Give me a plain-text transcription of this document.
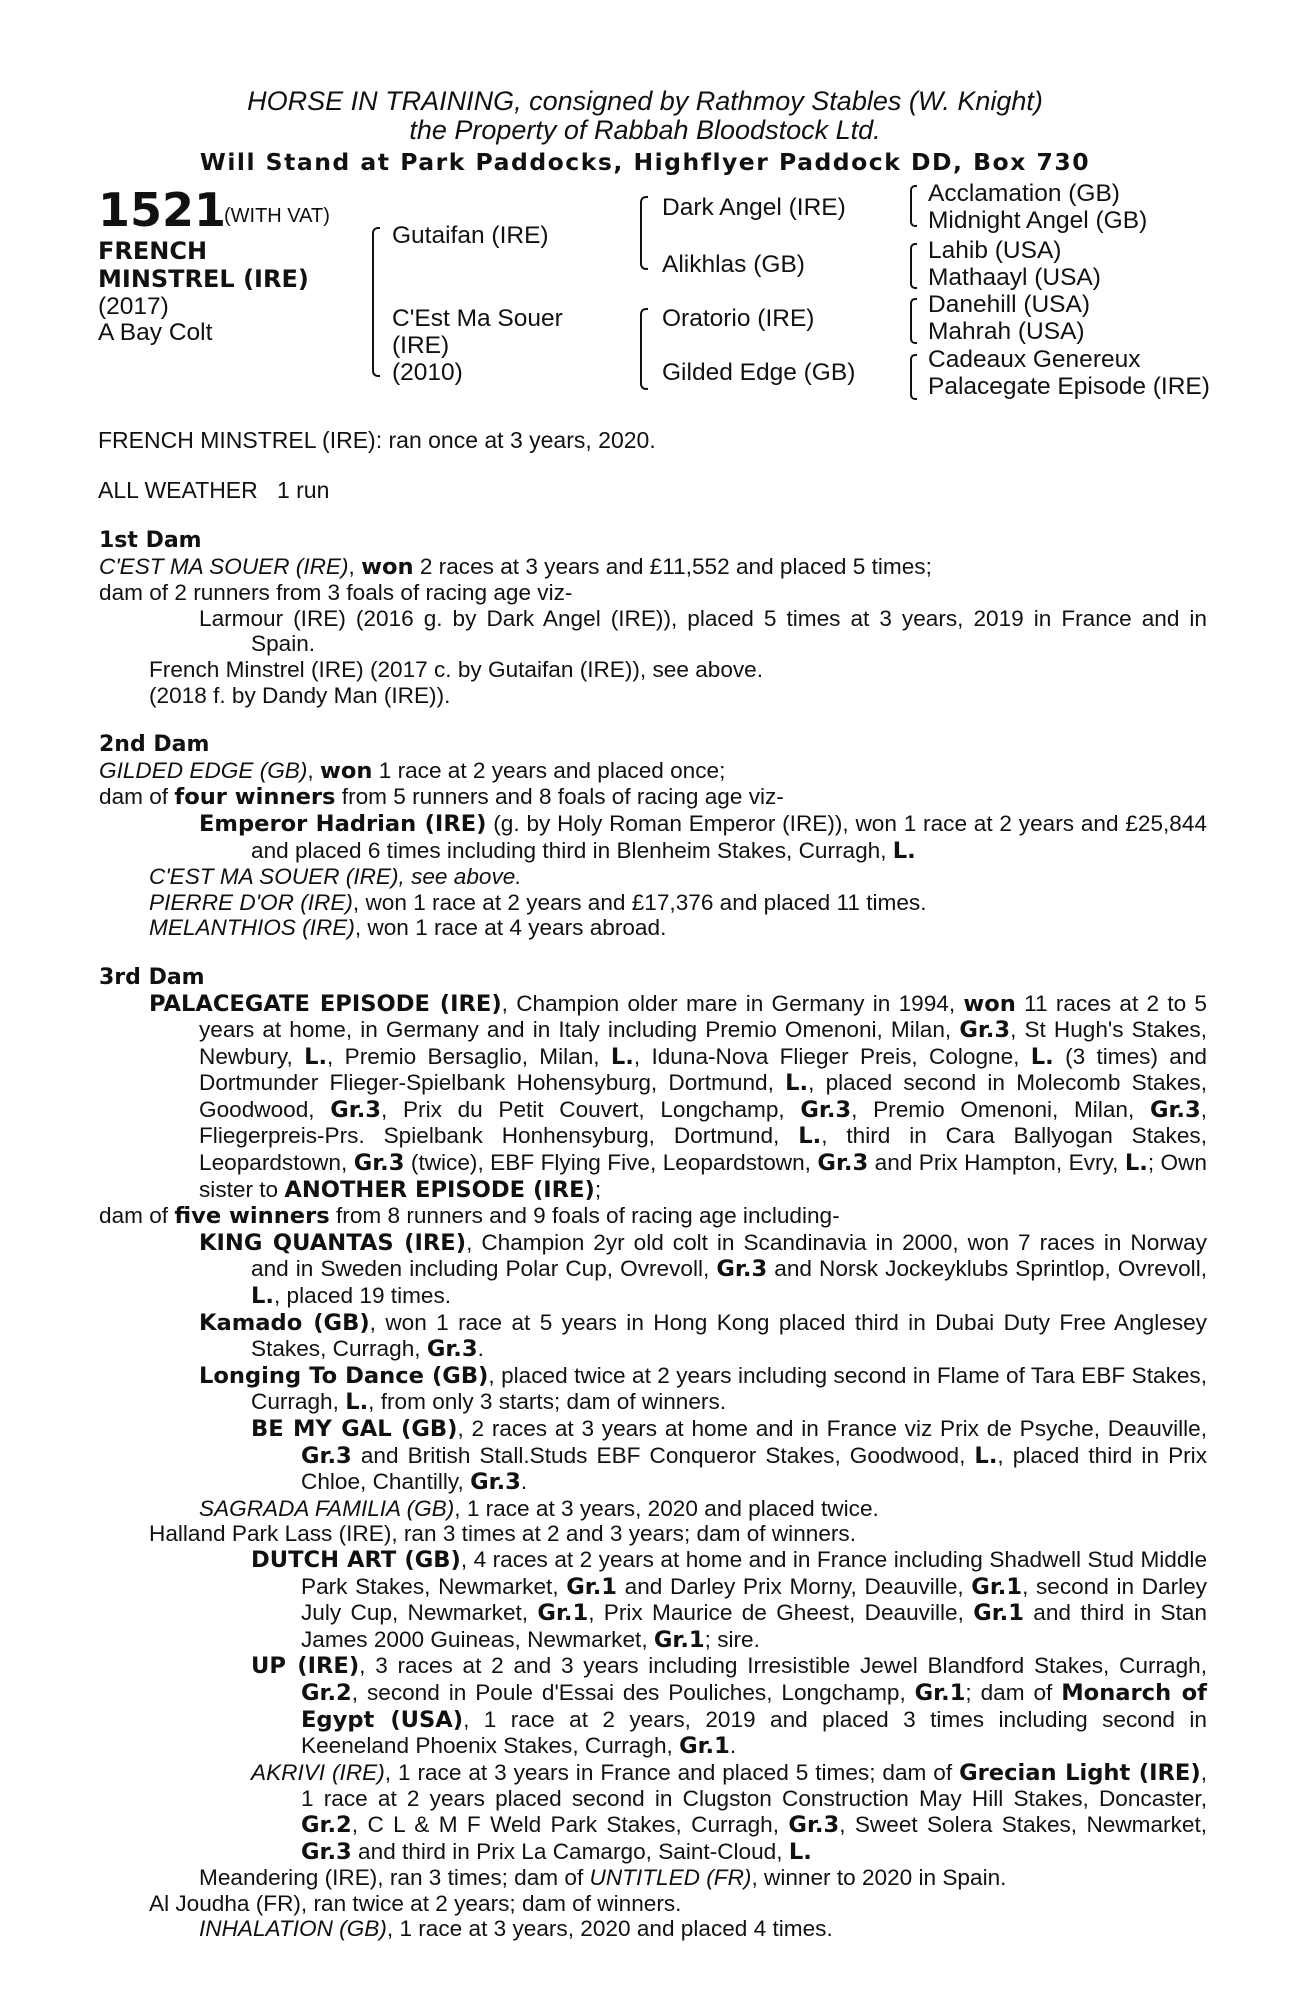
HORSE IN TRAINING, consigned by Rathmoy Stables (W. Knight)
the Property of Rabbah Bloodstock Ltd.
Will Stand at Park Paddocks, Highflyer Paddock DD, Box 730
1521
(WITH VAT)
FRENCH
MINSTREL (IRE)
(2017)
A Bay Colt
Gutaifan (IRE)
C'Est Ma Souer
(IRE)
(2010)
Dark Angel (IRE)
Alikhlas (GB)
Oratorio (IRE)
Gilded Edge (GB)
Acclamation (GB)
Midnight Angel (GB)
Lahib (USA)
Mathaayl (USA)
Danehill (USA)
Mahrah (USA)
Cadeaux Genereux
Palacegate Episode (IRE)
FRENCH MINSTREL (IRE): ran once at 3 years, 2020.
ALL WEATHER 1 run

1st Dam

C'EST MA SOUER (IRE), won 2 races at 3 years and £11,552 and placed 5 times;

dam of 2 runners from 3 foals of racing age viz-

Larmour (IRE) (2016 g. by Dark Angel (IRE)), placed 5 times at 3 years, 2019 in France and in Spain.

French Minstrel (IRE) (2017 c. by Gutaifan (IRE)), see above.

(2018 f. by Dandy Man (IRE)).

2nd Dam

GILDED EDGE (GB), won 1 race at 2 years and placed once;

dam of four winners from 5 runners and 8 foals of racing age viz-

Emperor Hadrian (IRE) (g. by Holy Roman Emperor (IRE)), won 1 race at 2 years and £25,844 and placed 6 times including third in Blenheim Stakes, Curragh, L.

C'EST MA SOUER (IRE), see above.

PIERRE D'OR (IRE), won 1 race at 2 years and £17,376 and placed 11 times.

MELANTHIOS (IRE), won 1 race at 4 years abroad.

3rd Dam

PALACEGATE EPISODE (IRE), Champion older mare in Germany in 1994, won 11 races at 2 to 5 years at home, in Germany and in Italy including Premio Omenoni, Milan, Gr.3, St Hugh's Stakes, Newbury, L., Premio Bersaglio, Milan, L., Iduna-Nova Flieger Preis, Cologne, L. (3 times) and Dortmunder Flieger-Spielbank Hohensyburg, Dortmund, L., placed second in Molecomb Stakes, Goodwood, Gr.3, Prix du Petit Couvert, Longchamp, Gr.3, Premio Omenoni, Milan, Gr.3, Fliegerpreis-Prs. Spielbank Honhensyburg, Dortmund, L., third in Cara Ballyogan Stakes, Leopardstown, Gr.3 (twice), EBF Flying Five, Leopardstown, Gr.3 and Prix Hampton, Evry, L.; Own sister to ANOTHER EPISODE (IRE);

dam of five winners from 8 runners and 9 foals of racing age including-

KING QUANTAS (IRE), Champion 2yr old colt in Scandinavia in 2000, won 7 races in Norway and in Sweden including Polar Cup, Ovrevoll, Gr.3 and Norsk Jockeyklubs Sprintlop, Ovrevoll, L., placed 19 times.

Kamado (GB), won 1 race at 5 years in Hong Kong placed third in Dubai Duty Free Anglesey Stakes, Curragh, Gr.3.

Longing To Dance (GB), placed twice at 2 years including second in Flame of Tara EBF Stakes, Curragh, L., from only 3 starts; dam of winners.

BE MY GAL (GB), 2 races at 3 years at home and in France viz Prix de Psyche, Deauville, Gr.3 and British Stall.Studs EBF Conqueror Stakes, Goodwood, L., placed third in Prix Chloe, Chantilly, Gr.3.

SAGRADA FAMILIA (GB), 1 race at 3 years, 2020 and placed twice.

Halland Park Lass (IRE), ran 3 times at 2 and 3 years; dam of winners.

DUTCH ART (GB), 4 races at 2 years at home and in France including Shadwell Stud Middle Park Stakes, Newmarket, Gr.1 and Darley Prix Morny, Deauville, Gr.1, second in Darley July Cup, Newmarket, Gr.1, Prix Maurice de Gheest, Deauville, Gr.1 and third in Stan James 2000 Guineas, Newmarket, Gr.1; sire.

UP (IRE), 3 races at 2 and 3 years including Irresistible Jewel Blandford Stakes, Curragh, Gr.2, second in Poule d'Essai des Pouliches, Longchamp, Gr.1; dam of Monarch of Egypt (USA), 1 race at 2 years, 2019 and placed 3 times including second in Keeneland Phoenix Stakes, Curragh, Gr.1.

AKRIVI (IRE), 1 race at 3 years in France and placed 5 times; dam of Grecian Light (IRE), 1 race at 2 years placed second in Clugston Construction May Hill Stakes, Doncaster, Gr.2, C L & M F Weld Park Stakes, Curragh, Gr.3, Sweet Solera Stakes, Newmarket, Gr.3 and third in Prix La Camargo, Saint-Cloud, L.

Meandering (IRE), ran 3 times; dam of UNTITLED (FR), winner to 2020 in Spain.

Al Joudha (FR), ran twice at 2 years; dam of winners.

INHALATION (GB), 1 race at 3 years, 2020 and placed 4 times.
